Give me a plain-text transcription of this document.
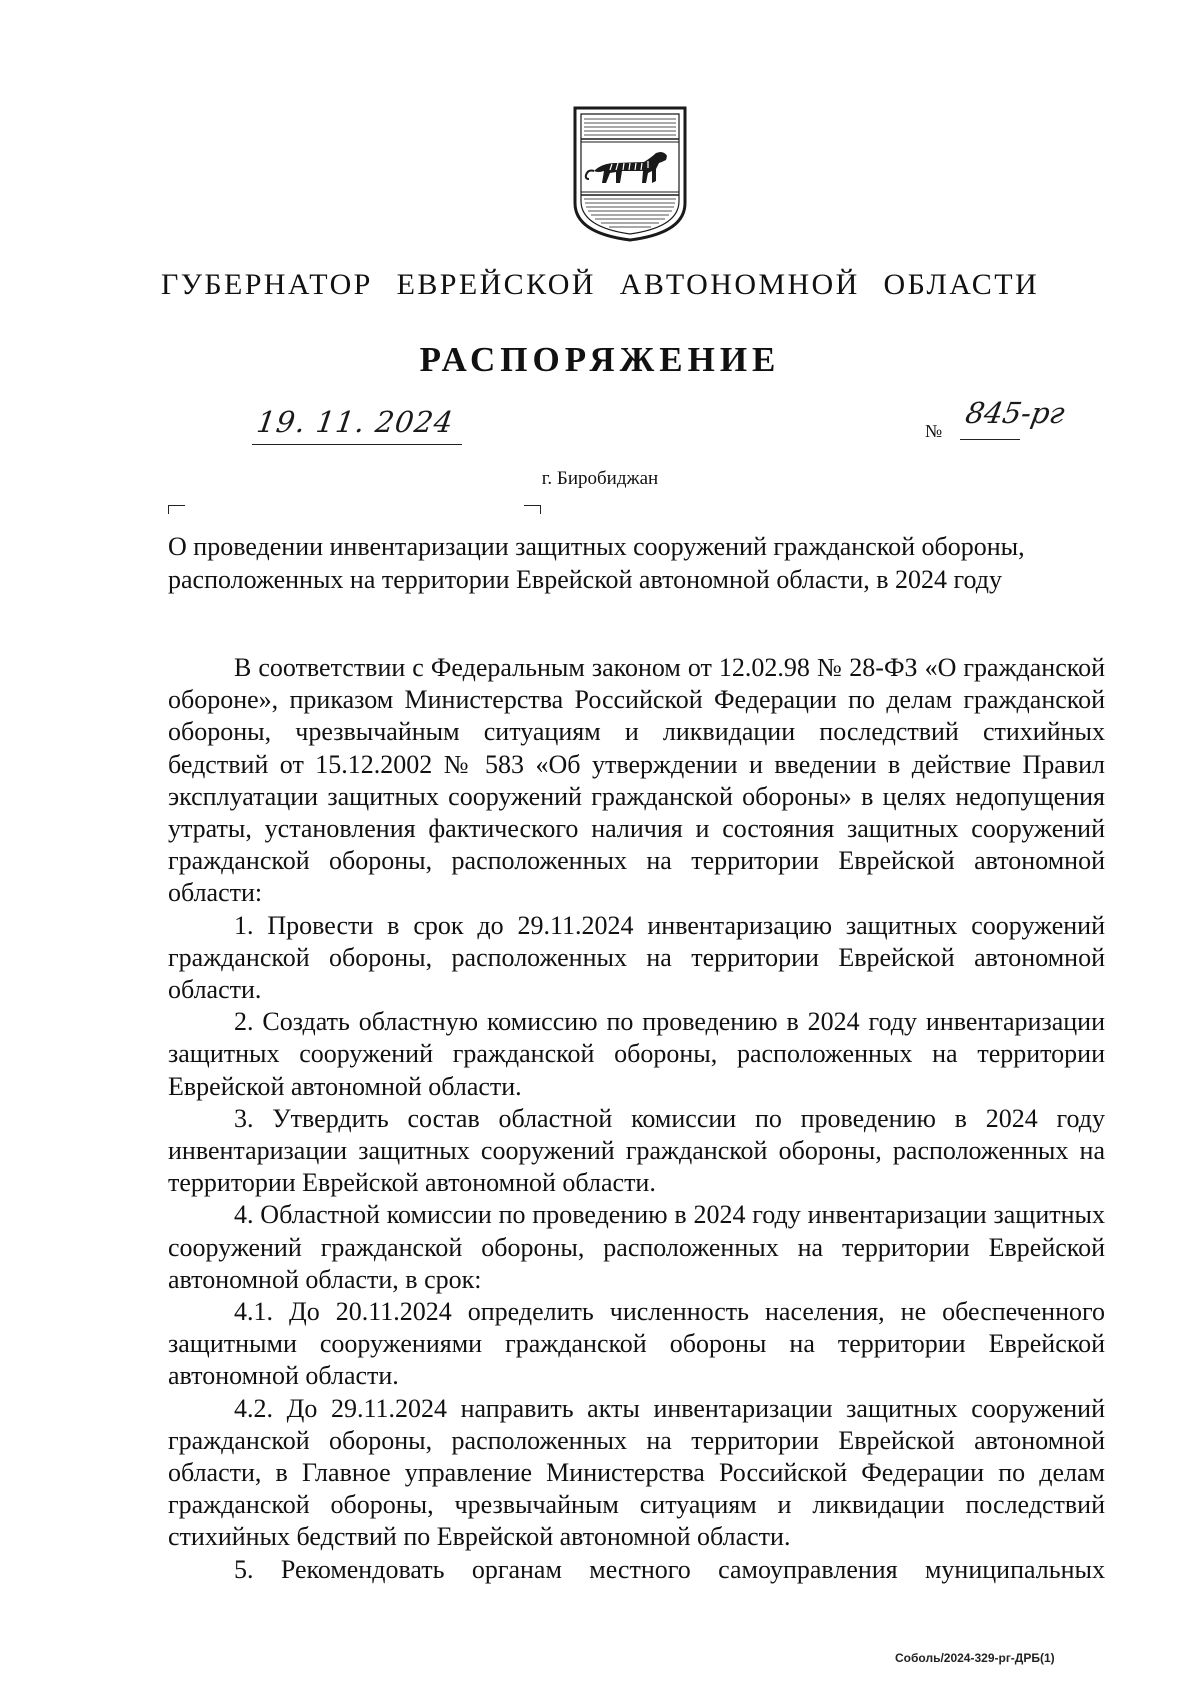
ГУБЕРНАТОР ЕВРЕЙСКОЙ АВТОНОМНОЙ ОБЛАСТИ
РАСПОРЯЖЕНИЕ
19. 11. 2024	№
845-рг
г. Биробиджан

О проведении инвентаризации защитных сооружений гражданской обороны,

расположенных на территории Еврейской автономной области, в 2024 году

В соответствии с Федеральным законом от 12.02.98 № 28-ФЗ «О гражданской обороне», приказом Министерства Российской Федерации по делам гражданской обороны, чрезвычайным ситуациям и ликвидации последствий стихийных бедствий от 15.12.2002 № 583 «Об утверждении и введении в действие Правил эксплуатации защитных сооружений гражданской обороны» в целях недопущения утраты, установления фактического наличия и состояния защитных сооружений гражданской обороны, расположенных на территории Еврейской автономной области:

1. Провести в срок до 29.11.2024 инвентаризацию защитных сооружений гражданской обороны, расположенных на территории Еврейской автономной области.

2. Создать областную комиссию по проведению в 2024 году инвентаризации защитных сооружений гражданской обороны, расположенных на территории Еврейской автономной области.

3. Утвердить состав областной комиссии по проведению в 2024 году инвентаризации защитных сооружений гражданской обороны, расположенных на территории Еврейской автономной области.

4. Областной комиссии по проведению в 2024 году инвентаризации защитных сооружений гражданской обороны, расположенных на территории Еврейской автономной области, в срок:

4.1. До 20.11.2024 определить численность населения, не обеспеченного защитными сооружениями гражданской обороны на территории Еврейской автономной области.

4.2. До 29.11.2024 направить акты инвентаризации защитных сооружений гражданской обороны, расположенных на территории Еврейской автономной области, в Главное управление Министерства Российской Федерации по делам гражданской обороны, чрезвычайным ситуациям и ликвидации последствий стихийных бедствий по Еврейской автономной области.

5. Рекомендовать органам местного самоуправления муниципальных

Соболь/2024-329-рг-ДРБ(1)
